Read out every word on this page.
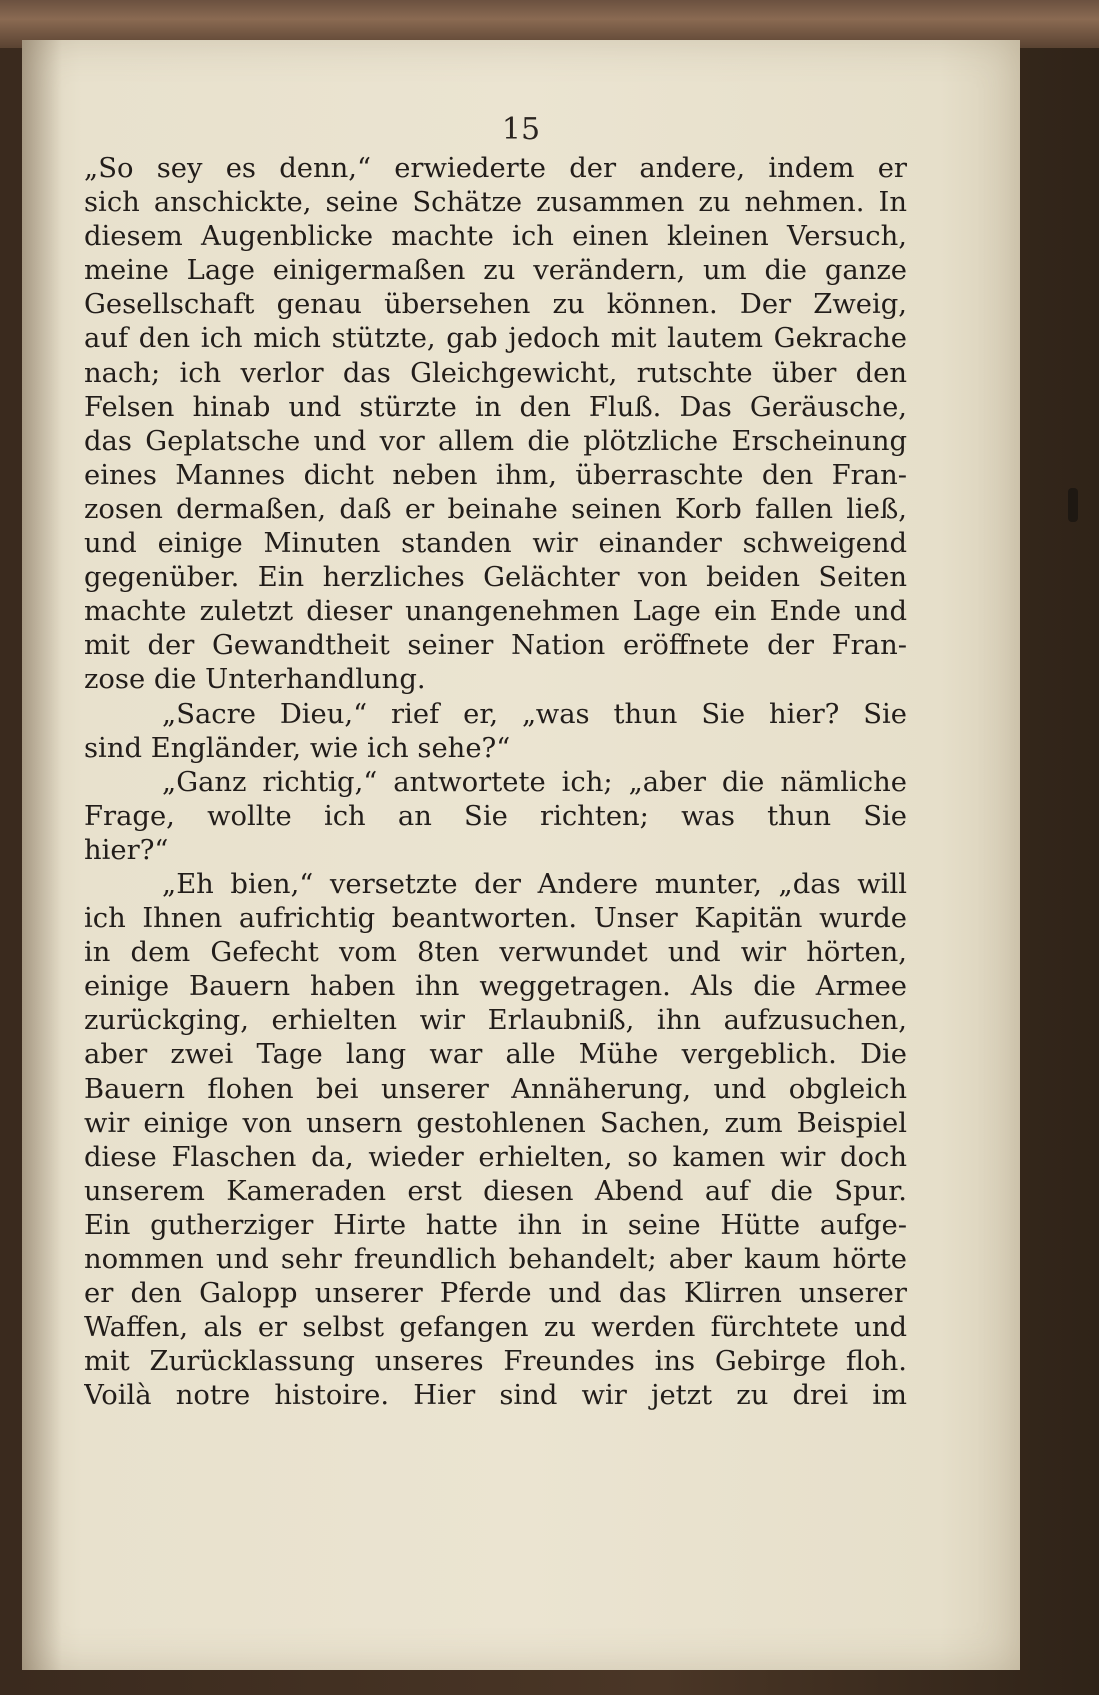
15
„So sey es denn,“ erwiederte der andere, indem er
sich anschickte, seine Schätze zusammen zu nehmen. In
diesem Augenblicke machte ich einen kleinen Versuch,
meine Lage einigermaßen zu verändern, um die ganze
Gesellschaft genau übersehen zu können. Der Zweig,
auf den ich mich stützte, gab jedoch mit lautem Gekrache
nach; ich verlor das Gleichgewicht, rutschte über den
Felsen hinab und stürzte in den Fluß. Das Geräusche,
das Geplatsche und vor allem die plötzliche Erscheinung
eines Mannes dicht neben ihm, überraschte den Fran-
zosen dermaßen, daß er beinahe seinen Korb fallen ließ,
und einige Minuten standen wir einander schweigend
gegenüber. Ein herzliches Gelächter von beiden Seiten
machte zuletzt dieser unangenehmen Lage ein Ende und
mit der Gewandtheit seiner Nation eröffnete der Fran-
zose die Unterhandlung.
„Sacre Dieu,“ rief er, „was thun Sie hier? Sie
sind Engländer, wie ich sehe?“
„Ganz richtig,“ antwortete ich; „aber die nämliche
Frage, wollte ich an Sie richten; was thun Sie
hier?“
„Eh bien,“ versetzte der Andere munter, „das will
ich Ihnen aufrichtig beantworten. Unser Kapitän wurde
in dem Gefecht vom 8ten verwundet und wir hörten,
einige Bauern haben ihn weggetragen. Als die Armee
zurückging, erhielten wir Erlaubniß, ihn aufzusuchen,
aber zwei Tage lang war alle Mühe vergeblich. Die
Bauern flohen bei unserer Annäherung, und obgleich
wir einige von unsern gestohlenen Sachen, zum Beispiel
diese Flaschen da, wieder erhielten, so kamen wir doch
unserem Kameraden erst diesen Abend auf die Spur.
Ein gutherziger Hirte hatte ihn in seine Hütte aufge-
nommen und sehr freundlich behandelt; aber kaum hörte
er den Galopp unserer Pferde und das Klirren unserer
Waffen, als er selbst gefangen zu werden fürchtete und
mit Zurücklassung unseres Freundes ins Gebirge floh.
Voilà notre histoire. Hier sind wir jetzt zu drei im
